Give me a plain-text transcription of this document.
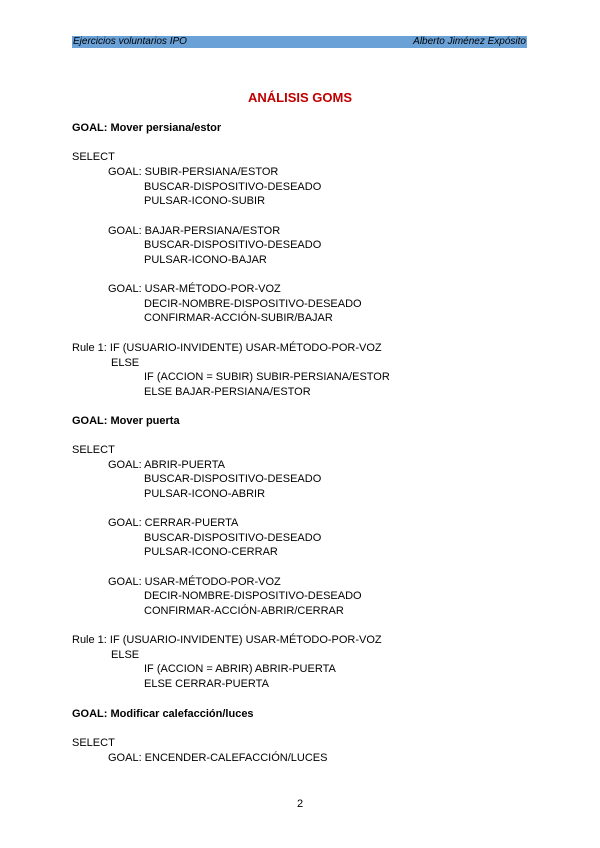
Ejercicios voluntarios IPO	Alberto Jiménez Expósito
ANÁLISIS GOMS
GOAL: Mover persiana/estor
SELECT
GOAL: SUBIR-PERSIANA/ESTOR
BUSCAR-DISPOSITIVO-DESEADO
PULSAR-ICONO-SUBIR
GOAL: BAJAR-PERSIANA/ESTOR
BUSCAR-DISPOSITIVO-DESEADO
PULSAR-ICONO-BAJAR
GOAL: USAR-MÉTODO-POR-VOZ
DECIR-NOMBRE-DISPOSITIVO-DESEADO
CONFIRMAR-ACCIÓN-SUBIR/BAJAR
Rule 1: IF (USUARIO-INVIDENTE) USAR-MÉTODO-POR-VOZ
ELSE
IF (ACCION = SUBIR) SUBIR-PERSIANA/ESTOR
ELSE BAJAR-PERSIANA/ESTOR
GOAL: Mover puerta
SELECT
GOAL: ABRIR-PUERTA
BUSCAR-DISPOSITIVO-DESEADO
PULSAR-ICONO-ABRIR
GOAL: CERRAR-PUERTA
BUSCAR-DISPOSITIVO-DESEADO
PULSAR-ICONO-CERRAR
GOAL: USAR-MÉTODO-POR-VOZ
DECIR-NOMBRE-DISPOSITIVO-DESEADO
CONFIRMAR-ACCIÓN-ABRIR/CERRAR
Rule 1: IF (USUARIO-INVIDENTE) USAR-MÉTODO-POR-VOZ
ELSE
IF (ACCION = ABRIR) ABRIR-PUERTA
ELSE CERRAR-PUERTA
GOAL: Modificar calefacción/luces
SELECT
GOAL: ENCENDER-CALEFACCIÓN/LUCES
2
